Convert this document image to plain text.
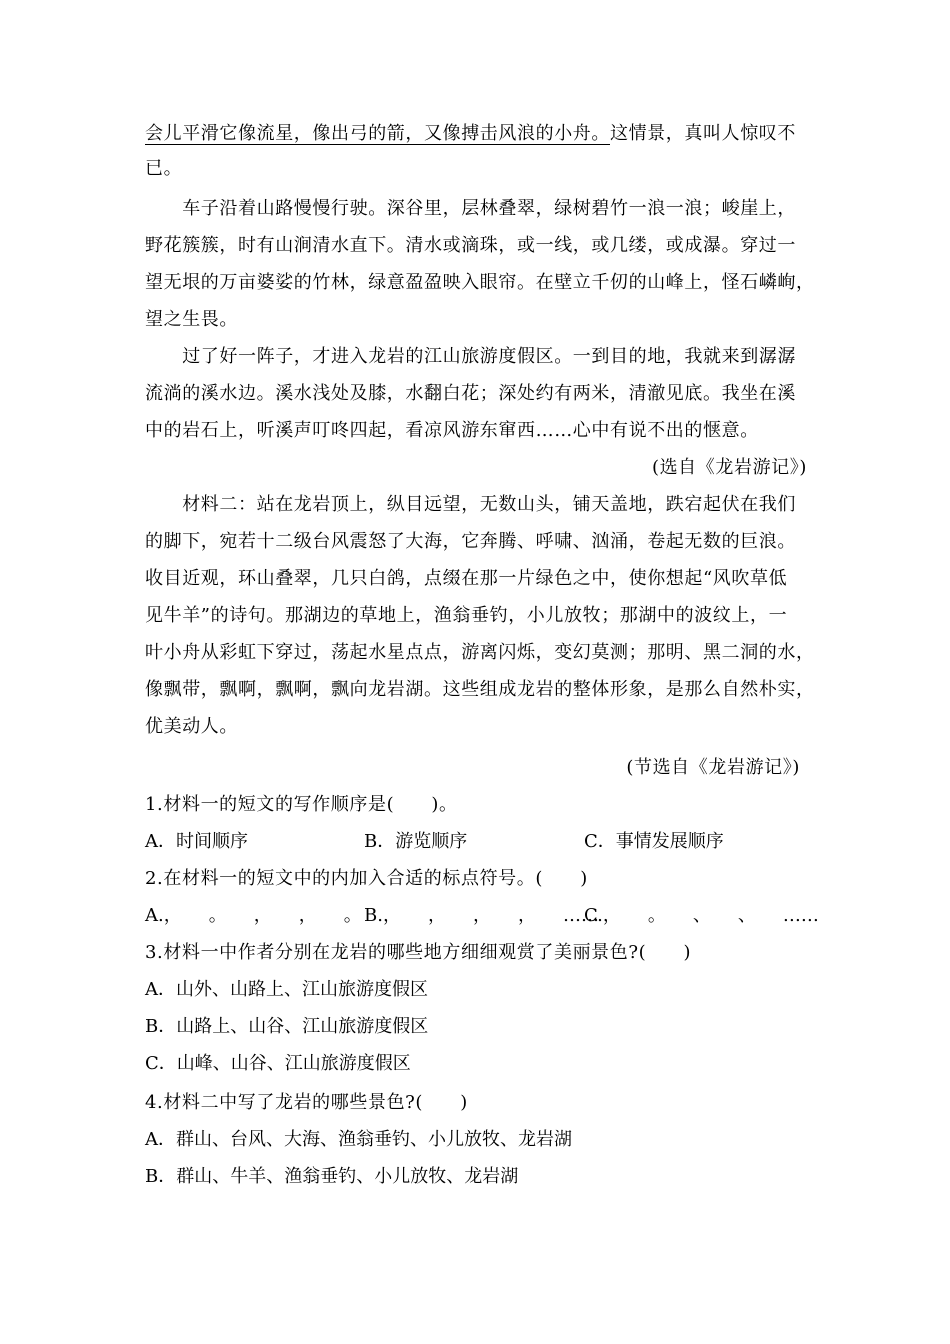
会儿平滑它像流星，像出弓的箭，又像搏击风浪的小舟。这情景，真叫人惊叹不
已。
　　车子沿着山路慢慢行驶。深谷里，层林叠翠，绿树碧竹一浪一浪；峻崖上，
野花簇簇，时有山涧清水直下。清水或滴珠，或一线，或几缕，或成瀑。穿过一
望无垠的万亩婆娑的竹林，绿意盈盈映入眼帘。在壁立千仞的山峰上，怪石嶙峋，
望之生畏。
　　过了好一阵子，才进入龙岩的江山旅游度假区。一到目的地，我就来到潺潺
流淌的溪水边。溪水浅处及膝，水翻白花；深处约有两米，清澈见底。我坐在溪
中的岩石上，听溪声叮咚四起，看凉风游东窜西……心中有说不出的惬意。
(选自《龙岩游记》)
　　材料二：站在龙岩顶上，纵目远望，无数山头，铺天盖地，跌宕起伏在我们
的脚下，宛若十二级台风震怒了大海，它奔腾、呼啸、汹涌，卷起无数的巨浪。
收目近观，环山叠翠，几只白鸽，点缀在那一片绿色之中，使你想起“风吹草低
见牛羊”的诗句。那湖边的草地上，渔翁垂钓，小儿放牧；那湖中的波纹上，一
叶小舟从彩虹下穿过，荡起水星点点，游离闪烁，变幻莫测；那明、黑二洞的水，
像飘带，飘啊，飘啊，飘向龙岩湖。这些组成龙岩的整体形象，是那么自然朴实，
优美动人。
(节选自《龙岩游记》)
1.材料一的短文的写作顺序是(　　)。
A．时间顺序	B．游览顺序	C．事情发展顺序
2.在材料一的短文中的内加入合适的标点符号。(　　)
A.，　　。　　，　　，　　。 B.，　　，　　，　　，　　……
C.，　　。　　、　　、　　……
3.材料一中作者分别在龙岩的哪些地方细细观赏了美丽景色?(　　)
A．山外、山路上、江山旅游度假区
B．山路上、山谷、江山旅游度假区
C．山峰、山谷、江山旅游度假区
4.材料二中写了龙岩的哪些景色?(　　)
A．群山、台风、大海、渔翁垂钓、小儿放牧、龙岩湖
B．群山、牛羊、渔翁垂钓、小儿放牧、龙岩湖
